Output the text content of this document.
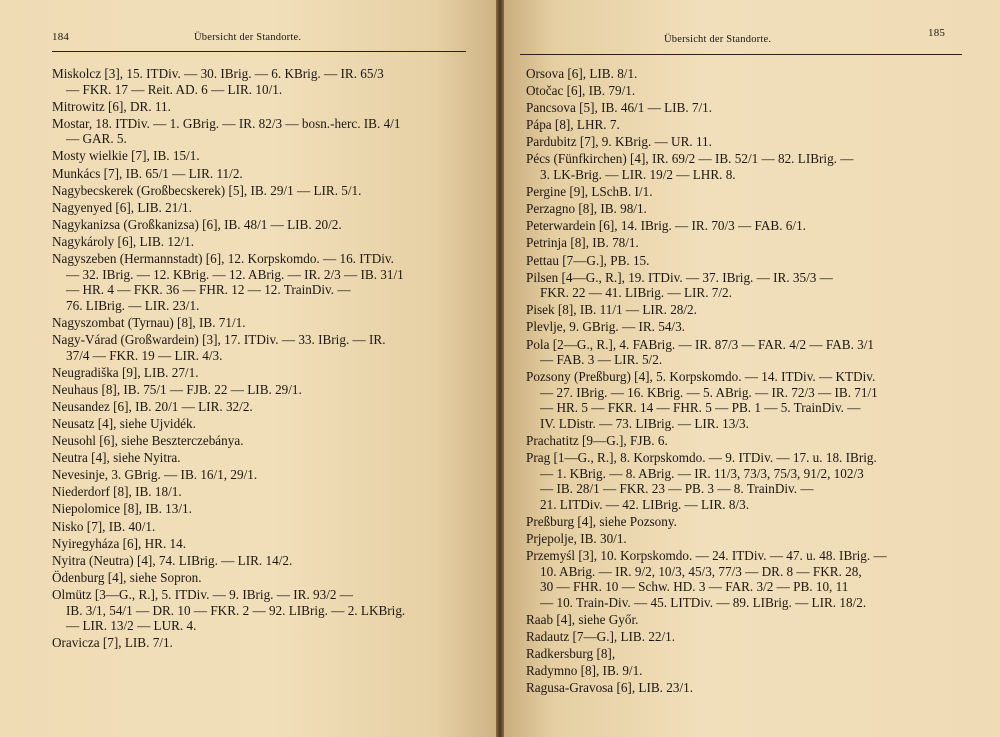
184	Übersicht der Standorte.
Miskolcz [3], 15. ITDiv. — 30. IBrig. — 6. KBrig. — IR. 65/3
— FKR. 17 — Reit. AD. 6 — LIR. 10/1.
Mitrowitz [6], DR. 11.
Mostar, 18. ITDiv. — 1. GBrig. — IR. 82/3 — bosn.-herc. IB. 4/1
— GAR. 5.
Mosty wielkie [7], IB. 15/1.
Munkács [7], IB. 65/1 — LIR. 11/2.
Nagybecskerek (Großbecskerek) [5], IB. 29/1 — LIR. 5/1.
Nagyenyed [6], LIB. 21/1.
Nagykanizsa (Großkanizsa) [6], IB. 48/1 — LIB. 20/2.
Nagykároly [6], LIB. 12/1.
Nagyszeben (Hermannstadt) [6], 12. Korpskomdo. — 16. ITDiv.
— 32. IBrig. — 12. KBrig. — 12. ABrig. — IR. 2/3 — IB. 31/1
— HR. 4 — FKR. 36 — FHR. 12 — 12. TrainDiv. —
76. LIBrig. — LIR. 23/1.
Nagyszombat (Tyrnau) [8], IB. 71/1.
Nagy-Várad (Großwardein) [3], 17. ITDiv. — 33. IBrig. — IR.
37/4 — FKR. 19 — LIR. 4/3.
Neugradiška [9], LIB. 27/1.
Neuhaus [8], IB. 75/1 — FJB. 22 — LIB. 29/1.
Neusandez [6], IB. 20/1 — LIR. 32/2.
Neusatz [4], siehe Ujvidék.
Neusohl [6], siehe Beszterczebánya.
Neutra [4], siehe Nyitra.
Nevesinje, 3. GBrig. — IB. 16/1, 29/1.
Niederdorf [8], IB. 18/1.
Niepolomice [8], IB. 13/1.
Nisko [7], IB. 40/1.
Nyiregyháza [6], HR. 14.
Nyitra (Neutra) [4], 74. LIBrig. — LIR. 14/2.
Ödenburg [4], siehe Sopron.
Olmütz [3—G., R.], 5. ITDiv. — 9. IBrig. — IR. 93/2 —
IB. 3/1, 54/1 — DR. 10 — FKR. 2 — 92. LIBrig. — 2. LKBrig.
— LIR. 13/2 — LUR. 4.
Oravicza [7], LIB. 7/1.
Übersicht der Standorte.
185
Orsova [6], LIB. 8/1.
Otočac [6], IB. 79/1.
Pancsova [5], IB. 46/1 — LIB. 7/1.
Pápa [8], LHR. 7.
Pardubitz [7], 9. KBrig. — UR. 11.
Pécs (Fünfkirchen) [4], IR. 69/2 — IB. 52/1 — 82. LIBrig. —
3. LK-Brig. — LIR. 19/2 — LHR. 8.
Pergine [9], LSchB. I/1.
Perzagno [8], IB. 98/1.
Peterwardein [6], 14. IBrig. — IR. 70/3 — FAB. 6/1.
Petrinja [8], IB. 78/1.
Pettau [7—G.], PB. 15.
Pilsen [4—G., R.], 19. ITDiv. — 37. IBrig. — IR. 35/3 —
FKR. 22 — 41. LIBrig. — LIR. 7/2.
Pisek [8], IB. 11/1 — LIR. 28/2.
Plevlje, 9. GBrig. — IR. 54/3.
Pola [2—G., R.], 4. FABrig. — IR. 87/3 — FAR. 4/2 — FAB. 3/1
— FAB. 3 — LIR. 5/2.
Pozsony (Preßburg) [4], 5. Korpskomdo. — 14. ITDiv. — KTDiv.
— 27. IBrig. — 16. KBrig. — 5. ABrig. — IR. 72/3 — IB. 71/1
— HR. 5 — FKR. 14 — FHR. 5 — PB. 1 — 5. TrainDiv. —
IV. LDistr. — 73. LIBrig. — LIR. 13/3.
Prachatitz [9—G.], FJB. 6.
Prag [1—G., R.], 8. Korpskomdo. — 9. ITDiv. — 17. u. 18. IBrig.
— 1. KBrig. — 8. ABrig. — IR. 11/3, 73/3, 75/3, 91/2, 102/3
— IB. 28/1 — FKR. 23 — PB. 3 — 8. TrainDiv. —
21. LITDiv. — 42. LIBrig. — LIR. 8/3.
Preßburg [4], siehe Pozsony.
Prjepolje, IB. 30/1.
Przemyśl [3], 10. Korpskomdo. — 24. ITDiv. — 47. u. 48. IBrig. —
10. ABrig. — IR. 9/2, 10/3, 45/3, 77/3 — DR. 8 — FKR. 28,
30 — FHR. 10 — Schw. HD. 3 — FAR. 3/2 — PB. 10, 11
— 10. Train-Div. — 45. LITDiv. — 89. LIBrig. — LIR. 18/2.
Raab [4], siehe Győr.
Radautz [7—G.], LIB. 22/1.
Radkersburg [8],
Radymno [8], IB. 9/1.
Ragusa-Gravosa [6], LIB. 23/1.
